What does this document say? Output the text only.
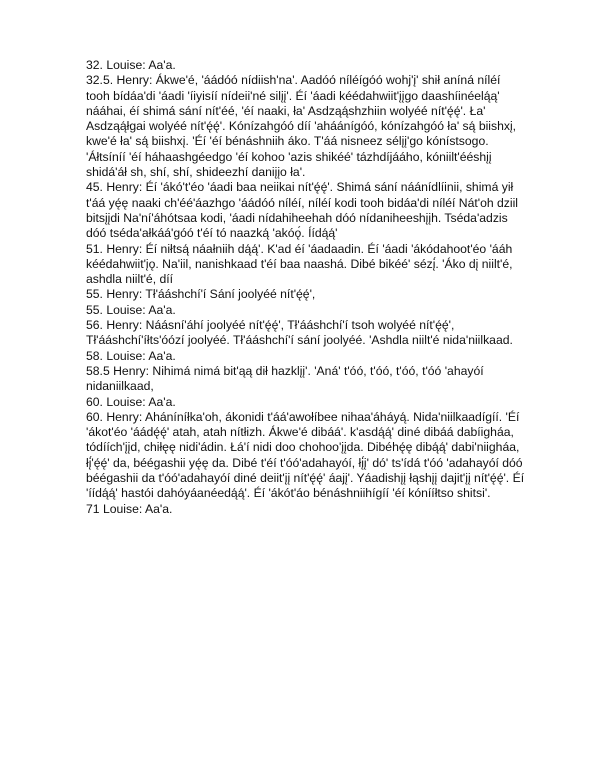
32. Louise: Aa'a.

32.5. Henry: Ákwe'é, 'áádóó nídiish'na'. Aadóó níléígóó wohj'į' shił aníná níléí tooh bídáa'di 'áadi 'íiyisíí nídeii'né silįį'. Éí 'áadi kéédahwiit'įįgo daashíinéelą́ą' nááhai, éí shimá sání nít'éé, 'éí naaki, ła' Asdząą́shzhiin wolyéé nít'ę́ę́'. Ła' Asdząą́łgai wolyéé nít'ę́ę́'. Kónízahgóó díí 'aháánígóó, kónízahgóó ła' są́ biishxį, kwe'é ła' są́ biishxį. 'Éí 'éí bénáshniih áko. T'áá nisneez sélįį'go kónístsogo. 'Áłtsíníí 'éí háhaashgéedgo 'éí kohoo 'azis shikéé' tázhdíjááho, kóniilt'ééshįį shidá'áł sh, shí, shí, shideezhí daniįįo ła'.

45. Henry: Éí 'ákó't'éo 'áadi baa neiikai nít'ę́ę́'. Shimá sání náánídlíinii, shimá yił t'áá yę́ę naaki ch'éé'áazhgo 'áádóó níléí, níléí kodi tooh bidáa'di níléí Nát'oh dziil bitsįįdi Na'ní'áhótsaa kodi, 'áadi nídahiheehah dóó nídaniheeshįįh. Tséda'adzis dóó tséda'ałkáá'góó t'éí tó naazką́ 'akóǫ́. Íídą́ą́'

51. Henry: Éí niłtsą́ náałniih dą́ą́'. K'ad éí 'áadaadin. Éí 'áadi 'ákódahoot'éo 'ááh kéédahwiit'įǫ. Na'iil, nanishkaad t'éí baa naashá. Dibé bikéé' sézį́. 'Áko dį niilt'é, ashdla niilt'é, díí

55. Henry: Tł'ááshchí'í Sání joolyéé nít'ę́ę́',

55. Louise: Aa'a.

56. Henry: Náásní'áhí joolyéé nít'ę́ę́', Tł'ááshchí'í tsoh wolyéé nít'ę́ę́', Tł'ááshchí'íłts'óózí joolyéé. Tł'ááshchí'í sání joolyéé. 'Ashdla niilt'é nida'niilkaad.

58. Louise: Aa'a.

58.5 Henry: Nihimá nimá bit'ąą dił hazklįį'. 'Aná' t'óó, t'óó, t'óó, t'óó 'ahayóí nidaniilkaad,

60. Louise: Aa'a.

60. Henry: Aháníníłka'oh, ákonidi t'áá'awołíbee nihaa'áháyą́. Nida'niilkaadígíí. 'Éí 'ákot'éo 'áádę́ę́' atah, atah nítłizh. Ákwe'é dibáá'. k'asdą́ą́' diné dibáá dabíigháa, tódíích'įįd, chiłęę nidi'ádin. Łá'í nidi doo chohoo'įįda. Dibéhę́ę dibą́ą́' dabi'niigháa, łį́'ę́ę́' da, béégashii yę́ę da. Dibé t'éí t'óó'adahayóí, łį́į' dó' ts'ídá t'óó 'adahayóí dóó béégashii da t'óó'adahayóí diné deiit'įį nít'ę́ę́' áajį'. Yáadishįį łąshįį dajit'įį nít'ę́ę́'. Éí 'íídą́ą́' hastói dahóyáanéedą́ą́'. Éí 'ákót'áo bénáshniihígíí 'éí kónííłtso shitsi'.

71 Louise: Aa'a.
